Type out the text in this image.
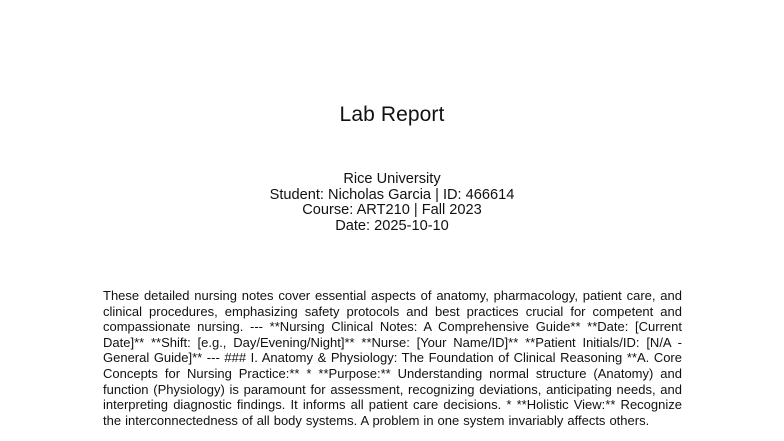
Lab Report
Rice University
Student: Nicholas Garcia | ID: 466614
Course: ART210 | Fall 2023
Date: 2025-10-10
These detailed nursing notes cover essential aspects of anatomy, pharmacology, patient care, and clinical procedures, emphasizing safety protocols and best practices crucial for competent and compassionate nursing. --- **Nursing Clinical Notes: A Comprehensive Guide** **Date: [Current Date]** **Shift: [e.g., Day/Evening/Night]** **Nurse: [Your Name/ID]** **Patient Initials/ID: [N/A - General Guide]** --- ### I. Anatomy & Physiology: The Foundation of Clinical Reasoning **A. Core Concepts for Nursing Practice:** * **Purpose:** Understanding normal structure (Anatomy) and function (Physiology) is paramount for assessment, recognizing deviations, anticipating needs, and interpreting diagnostic findings. It informs all patient care decisions. * **Holistic View:** Recognize the interconnectedness of all body systems. A problem in one system invariably affects others.
